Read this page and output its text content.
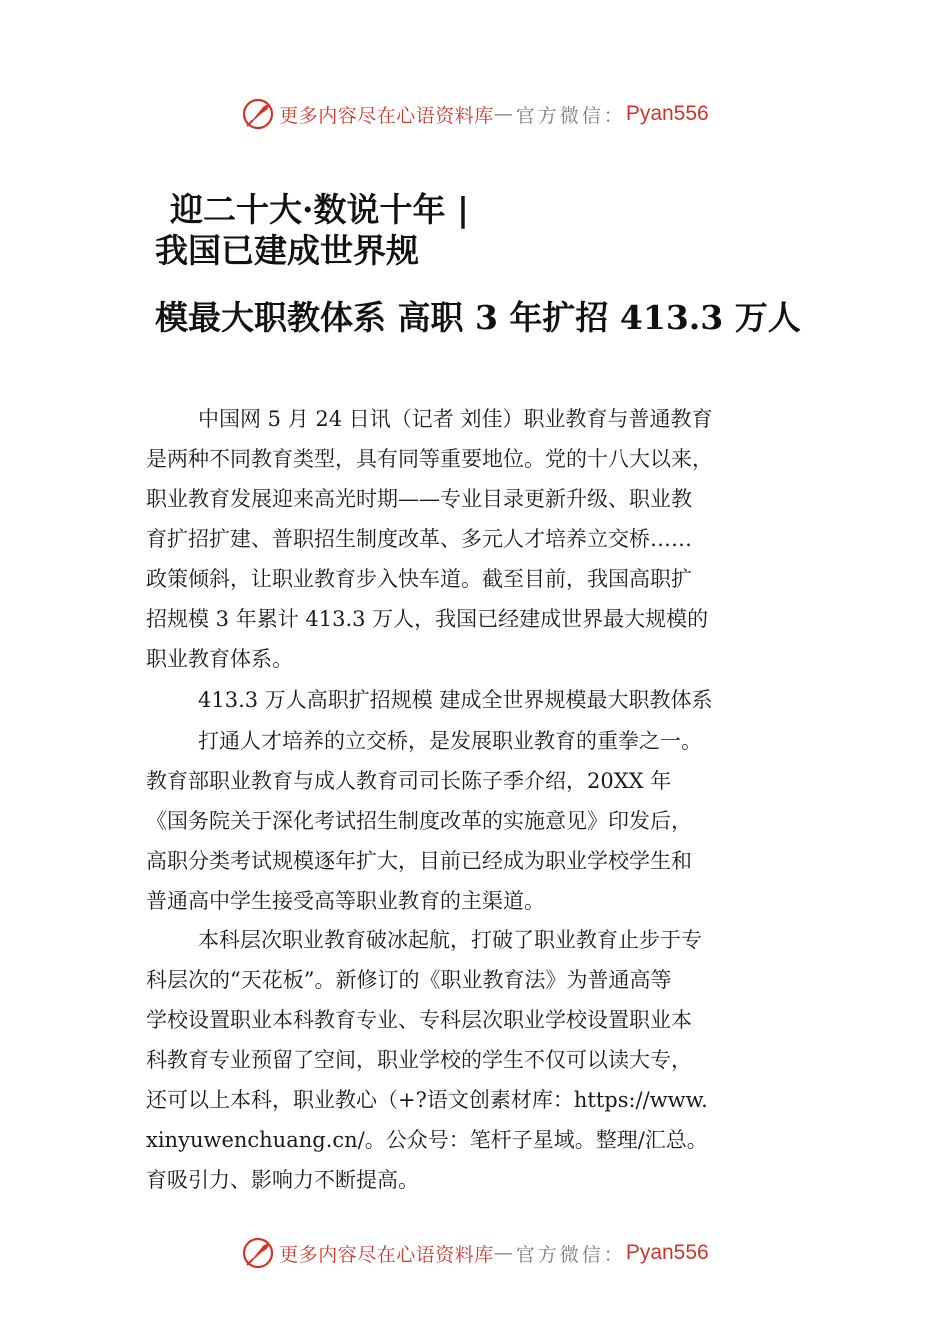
更多内容尽在心语资料库 — 官方微信： Pyan556
迎二十大·数说十年 |
我国已建成世界规
模最大职教体系 高职 3 年扩招 413.3 万人
中国网 5 月 24 日讯（记者 刘佳）职业教育与普通教育
是两种不同教育类型，具有同等重要地位。党的十八大以来，
职业教育发展迎来高光时期——专业目录更新升级、职业教
育扩招扩建、普职招生制度改革、多元人才培养立交桥……
政策倾斜，让职业教育步入快车道。截至目前，我国高职扩
招规模 3 年累计 413.3 万人，我国已经建成世界最大规模的
职业教育体系。
413.3 万人高职扩招规模 建成全世界规模最大职教体系
打通人才培养的立交桥，是发展职业教育的重拳之一。
教育部职业教育与成人教育司司长陈子季介绍，20XX 年
《国务院关于深化考试招生制度改革的实施意见》印发后，
高职分类考试规模逐年扩大，目前已经成为职业学校学生和
普通高中学生接受高等职业教育的主渠道。
本科层次职业教育破冰起航，打破了职业教育止步于专
科层次的“天花板”。新修订的《职业教育法》为普通高等
学校设置职业本科教育专业、专科层次职业学校设置职业本
科教育专业预留了空间，职业学校的学生不仅可以读大专，
还可以上本科，职业教心（+?语文创素材库：https://www.
xinyuwenchuang.cn/。公众号：笔杆子星域。整理/汇总。
育吸引力、影响力不断提高。
更多内容尽在心语资料库 — 官方微信： Pyan556
